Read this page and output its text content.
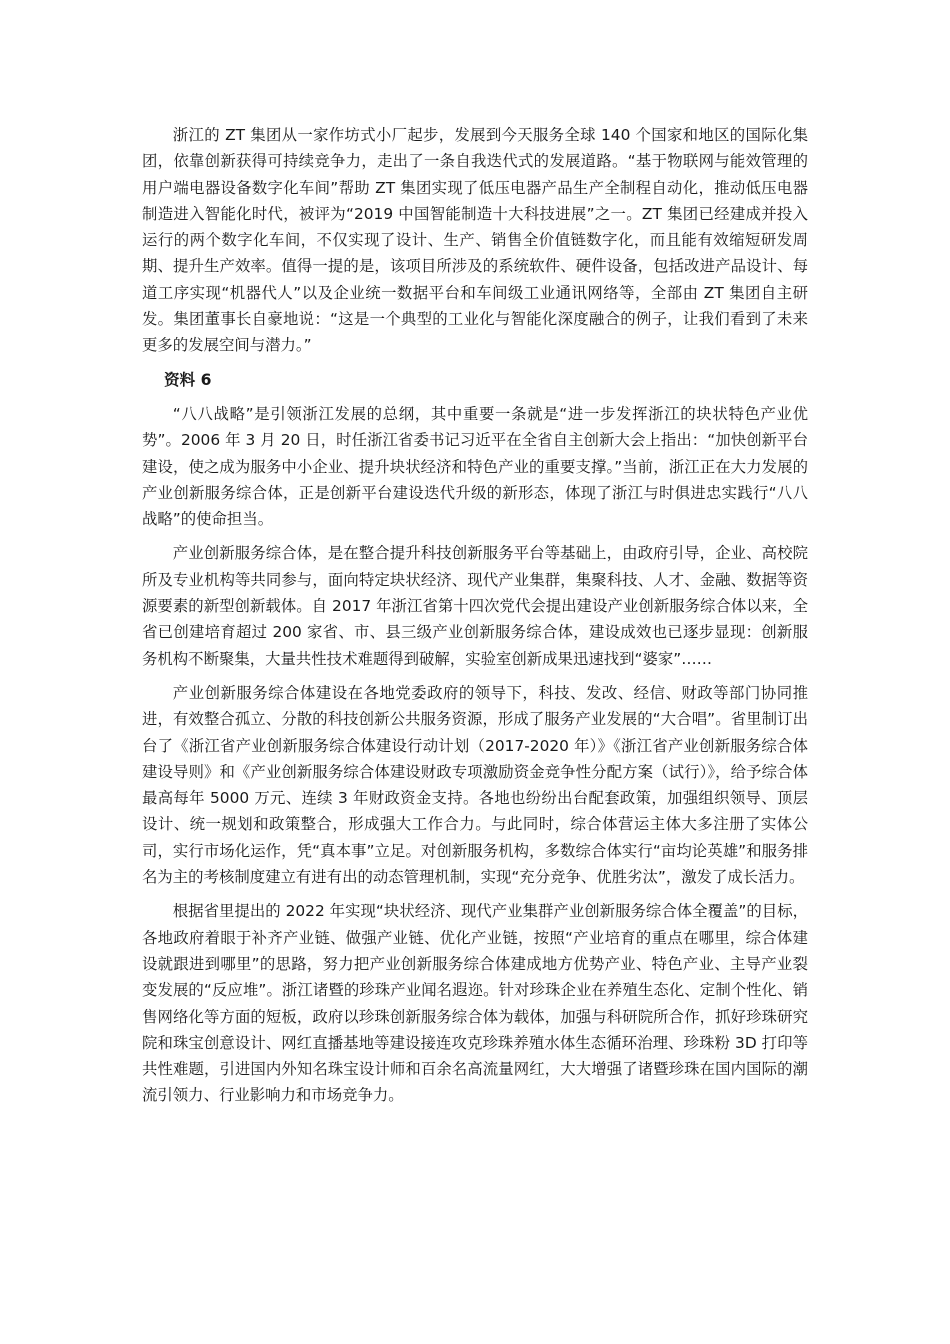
浙江的 ZT 集团从一家作坊式小厂起步，发展到今天服务全球 140 个国家和地区的国际化集团，依靠创新获得可持续竞争力，走出了一条自我迭代式的发展道路。“基于物联网与能效管理的用户端电器设备数字化车间”帮助 ZT 集团实现了低压电器产品生产全制程自动化，推动低压电器制造进入智能化时代，被评为“2019 中国智能制造十大科技进展”之一。ZT 集团已经建成并投入运行的两个数字化车间，不仅实现了设计、生产、销售全价值链数字化，而且能有效缩短研发周期、提升生产效率。值得一提的是，该项目所涉及的系统软件、硬件设备，包括改进产品设计、每道工序实现“机器代人”以及企业统一数据平台和车间级工业通讯网络等，全部由 ZT 集团自主研发。集团董事长自豪地说：“这是一个典型的工业化与智能化深度融合的例子，让我们看到了未来更多的发展空间与潜力。”

资料 6

“八八战略”是引领浙江发展的总纲，其中重要一条就是“进一步发挥浙江的块状特色产业优势”。2006 年 3 月 20 日，时任浙江省委书记习近平在全省自主创新大会上指出：“加快创新平台建设，使之成为服务中小企业、提升块状经济和特色产业的重要支撑。”当前，浙江正在大力发展的产业创新服务综合体，正是创新平台建设迭代升级的新形态，体现了浙江与时俱进忠实践行“八八战略”的使命担当。

产业创新服务综合体，是在整合提升科技创新服务平台等基础上，由政府引导，企业、高校院所及专业机构等共同参与，面向特定块状经济、现代产业集群，集聚科技、人才、金融、数据等资源要素的新型创新载体。自 2017 年浙江省第十四次党代会提出建设产业创新服务综合体以来，全省已创建培育超过 200 家省、市、县三级产业创新服务综合体，建设成效也已逐步显现：创新服务机构不断聚集，大量共性技术难题得到破解，实验室创新成果迅速找到“婆家”……

产业创新服务综合体建设在各地党委政府的领导下，科技、发改、经信、财政等部门协同推进，有效整合孤立、分散的科技创新公共服务资源，形成了服务产业发展的“大合唱”。省里制订出台了《浙江省产业创新服务综合体建设行动计划（2017-2020 年）》《浙江省产业创新服务综合体建设导则》和《产业创新服务综合体建设财政专项激励资金竞争性分配方案（试行）》，给予综合体最高每年 5000 万元、连续 3 年财政资金支持。各地也纷纷出台配套政策，加强组织领导、顶层设计、统一规划和政策整合，形成强大工作合力。与此同时，综合体营运主体大多注册了实体公司，实行市场化运作，凭“真本事”立足。对创新服务机构，多数综合体实行“亩均论英雄”和服务排名为主的考核制度建立有进有出的动态管理机制，实现“充分竞争、优胜劣汰”，激发了成长活力。

根据省里提出的 2022 年实现“块状经济、现代产业集群产业创新服务综合体全覆盖”的目标，各地政府着眼于补齐产业链、做强产业链、优化产业链，按照“产业培育的重点在哪里，综合体建设就跟进到哪里”的思路，努力把产业创新服务综合体建成地方优势产业、特色产业、主导产业裂变发展的“反应堆”。浙江诸暨的珍珠产业闻名遐迩。针对珍珠企业在养殖生态化、定制个性化、销售网络化等方面的短板，政府以珍珠创新服务综合体为载体，加强与科研院所合作，抓好珍珠研究院和珠宝创意设计、网红直播基地等建设接连攻克珍珠养殖水体生态循环治理、珍珠粉 3D 打印等共性难题，引进国内外知名珠宝设计师和百余名高流量网红，大大增强了诸暨珍珠在国内国际的潮流引领力、行业影响力和市场竞争力。
